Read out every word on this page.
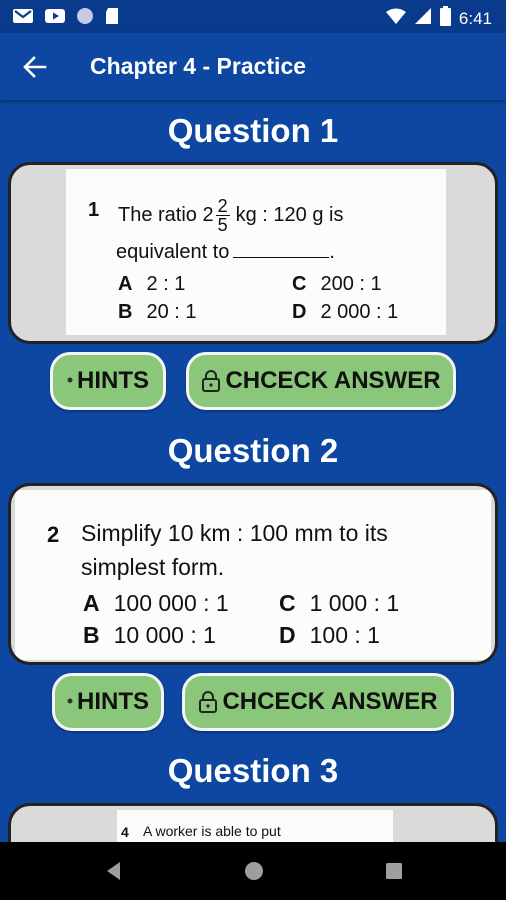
6:41
Chapter 4 - Practice
Question 1
1 The ratio $2 \frac{2}{5}$ kg : 120 g is
equivalent to	.
A 2 : 1
B 20 : 1
C 200 : 1
D 2 000 : 1
HINTS	CHCECK ANSWER
Question 2
2 Simplify 10 km : 100 mm to its
simplest form.
A 100 000 : 1
B 10 000 : 1
C 1 000 : 1
D 100 : 1
HINTS	CHCECK ANSWER
Question 3
4 A worker is able to put
